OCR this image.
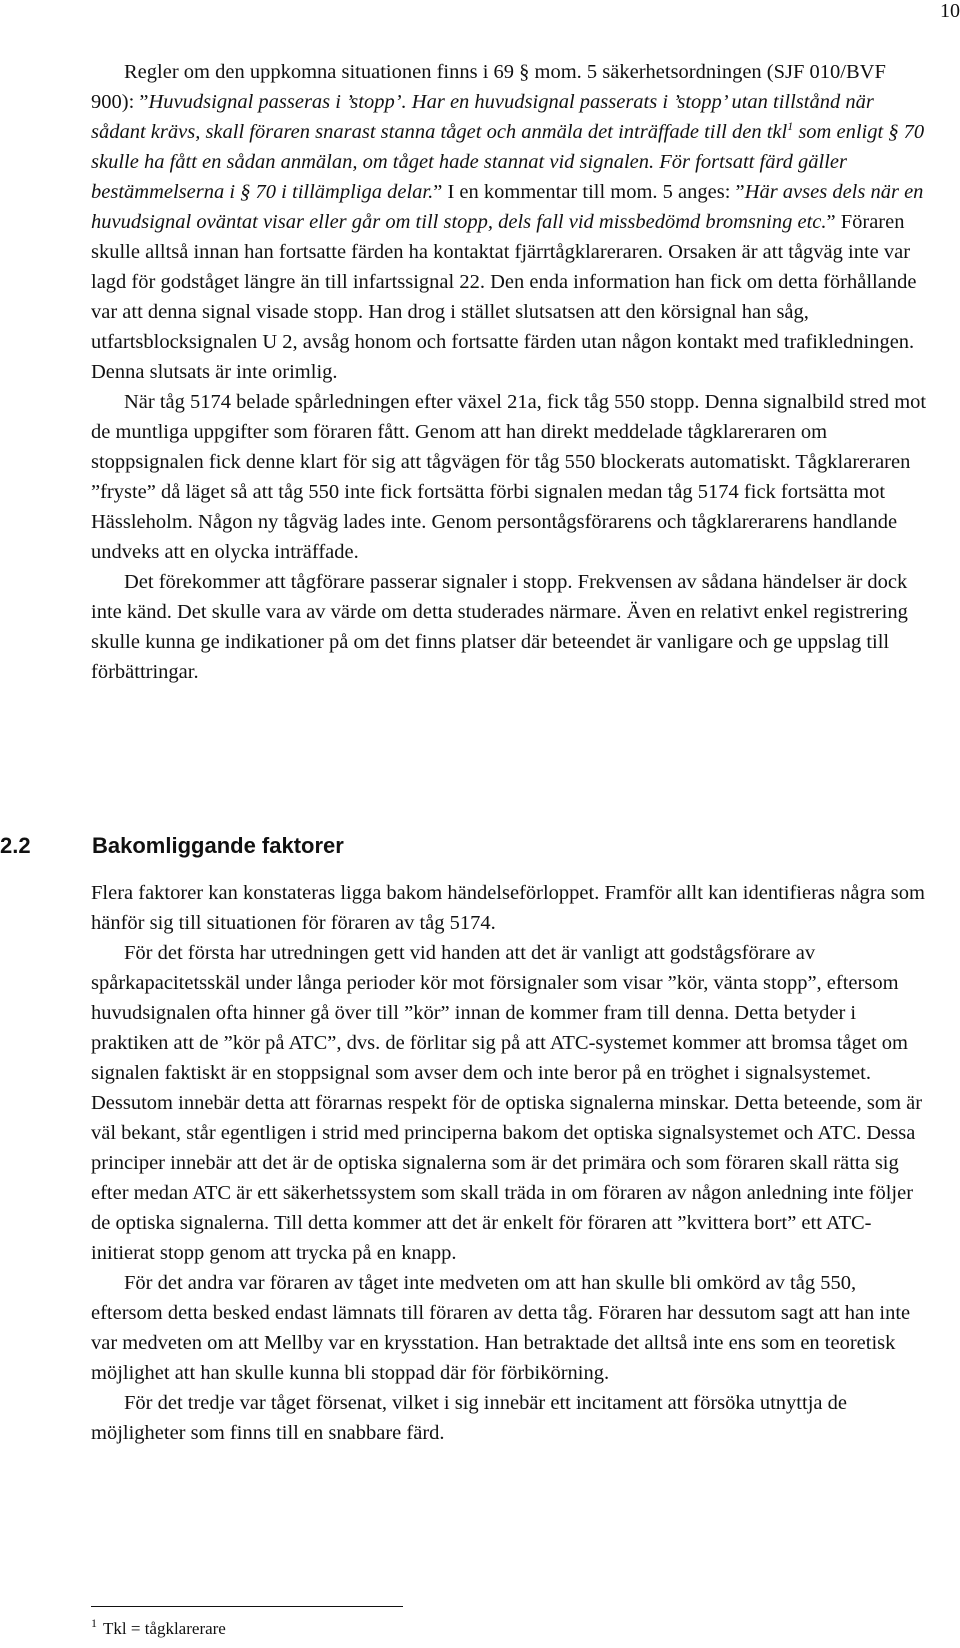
10

Regler om den uppkomna situationen finns i 69 § mom. 5 säkerhetsordningen (SJF 010/BVF 900): ”Huvudsignal passeras i ’stopp’. Har en huvudsignal passerats i ’stopp’ utan tillstånd när sådant krävs, skall föraren snarast stanna tåget och anmäla det inträffade till den tkl$^1$ som enligt § 70 skulle ha fått en sådan anmälan, om tåget hade stannat vid signalen. För fortsatt färd gäller bestämmelserna i § 70 i tillämpliga delar.” I en kommentar till mom. 5 anges: ”Här avses dels när en huvudsignal oväntat visar eller går om till stopp, dels fall vid missbedömd bromsning etc.” Föraren skulle alltså innan han fortsatte färden ha kontaktat fjärrtågklareraren. Orsaken är att tågväg inte var lagd för godståget längre än till infartssignal 22. Den enda information han fick om detta förhållande var att denna signal visade stopp. Han drog i stället slutsatsen att den körsignal han såg, utfartsblocksignalen U 2, avsåg honom och fortsatte färden utan någon kontakt med trafikledningen. Denna slutsats är inte orimlig.

När tåg 5174 belade spårledningen efter växel 21a, fick tåg 550 stopp. Denna signalbild stred mot de muntliga uppgifter som föraren fått. Genom att han direkt meddelade tågklareraren om stoppsignalen fick denne klart för sig att tågvägen för tåg 550 blockerats automatiskt. Tågklareraren ”fryste” då läget så att tåg 550 inte fick fortsätta förbi signalen medan tåg 5174 fick fortsätta mot Hässleholm. Någon ny tågväg lades inte. Genom persontågsförarens och tågklarerarens handlande undveks att en olycka inträffade.

Det förekommer att tågförare passerar signaler i stopp. Frekvensen av sådana händelser är dock inte känd. Det skulle vara av värde om detta studerades närmare. Även en relativt enkel registrering skulle kunna ge indikationer på om det finns platser där beteendet är vanligare och ge uppslag till förbättringar.

2.2	Bakomliggande faktorer

Flera faktorer kan konstateras ligga bakom händelseförloppet. Framför allt kan identifieras några som hänför sig till situationen för föraren av tåg 5174.

För det första har utredningen gett vid handen att det är vanligt att godstågsförare av spårkapacitetsskäl under långa perioder kör mot försignaler som visar ”kör, vänta stopp”, eftersom huvudsignalen ofta hinner gå över till ”kör” innan de kommer fram till denna. Detta betyder i praktiken att de ”kör på ATC”, dvs. de förlitar sig på att ATC-systemet kommer att bromsa tåget om signalen faktiskt är en stoppsignal som avser dem och inte beror på en tröghet i signalsystemet. Dessutom innebär detta att förarnas respekt för de optiska signalerna minskar. Detta beteende, som är väl bekant, står egentligen i strid med principerna bakom det optiska signalsystemet och ATC. Dessa principer innebär att det är de optiska signalerna som är det primära och som föraren skall rätta sig efter medan ATC är ett säkerhetssystem som skall träda in om föraren av någon anledning inte följer de optiska signalerna. Till detta kommer att det är enkelt för föraren att ”kvittera bort” ett ATC-initierat stopp genom att trycka på en knapp.

För det andra var föraren av tåget inte medveten om att han skulle bli omkörd av tåg 550, eftersom detta besked endast lämnats till föraren av detta tåg. Föraren har dessutom sagt att han inte var medveten om att Mellby var en krysstation. Han betraktade det alltså inte ens som en teoretisk möjlighet att han skulle kunna bli stoppad där för förbikörning.

För det tredje var tåget försenat, vilket i sig innebär ett incitament att försöka utnyttja de möjligheter som finns till en snabbare färd.

$^1$ Tkl = tågklarerare
